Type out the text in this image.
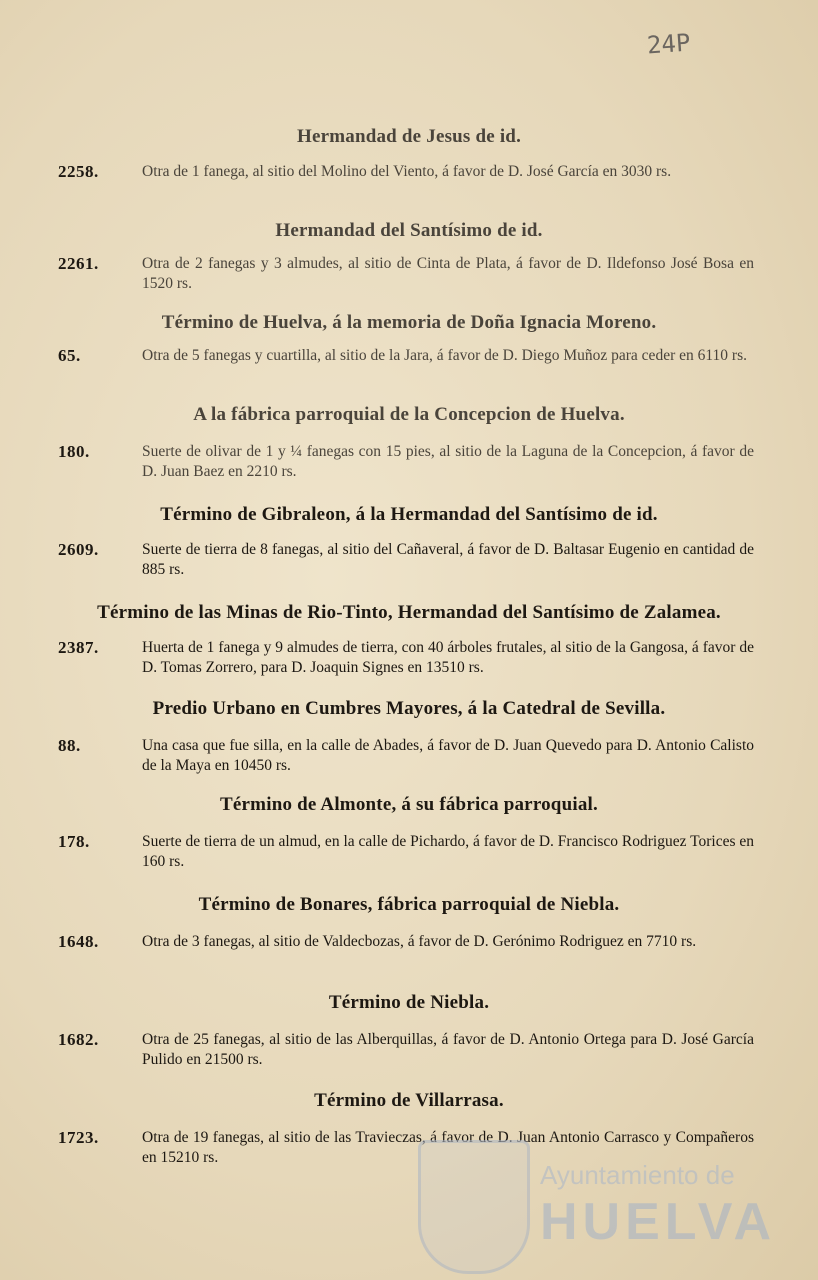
24P
Hermandad de Jesus de id.
2258.	Otra de 1 fanega, al sitio del Molino del Viento, á favor de D. José García en 3030 rs.
Hermandad del Santísimo de id.
2261.	Otra de 2 fanegas y 3 almudes, al sitio de Cinta de Plata, á favor de D. Ildefonso José Bosa en 1520 rs.
Término de Huelva, á la memoria de Doña Ignacia Moreno.
65.	Otra de 5 fanegas y cuartilla, al sitio de la Jara, á favor de D. Diego Muñoz para ceder en 6110 rs.
A la fábrica parroquial de la Concepcion de Huelva.
180.	Suerte de olivar de 1 y ¼ fanegas con 15 pies, al sitio de la Laguna de la Concepcion, á favor de D. Juan Baez en 2210 rs.
Término de Gibraleon, á la Hermandad del Santísimo de id.
2609.	Suerte de tierra de 8 fanegas, al sitio del Cañaveral, á favor de D. Baltasar Eugenio en cantidad de 885 rs.
Término de las Minas de Rio-Tinto, Hermandad del Santísimo de Zalamea.
2387.	Huerta de 1 fanega y 9 almudes de tierra, con 40 árboles frutales, al sitio de la Gangosa, á favor de D. Tomas Zorrero, para D. Joaquin Signes en 13510 rs.
Predio Urbano en Cumbres Mayores, á la Catedral de Sevilla.
88.	Una casa que fue silla, en la calle de Abades, á favor de D. Juan Quevedo para D. Antonio Calisto de la Maya en 10450 rs.
Término de Almonte, á su fábrica parroquial.
178.	Suerte de tierra de un almud, en la calle de Pichardo, á favor de D. Francisco Rodriguez Torices en 160 rs.
Término de Bonares, fábrica parroquial de Niebla.
1648.	Otra de 3 fanegas, al sitio de Valdecbozas, á favor de D. Gerónimo Rodriguez en 7710 rs.
Término de Niebla.
1682.	Otra de 25 fanegas, al sitio de las Alberquillas, á favor de D. Antonio Ortega para D. José García Pulido en 21500 rs.
Término de Villarrasa.
1723.	Otra de 19 fanegas, al sitio de las Travieczas, á favor de D. Juan Antonio Carrasco y Compañeros en 15210 rs.
Ayuntamiento de
HUELVA
